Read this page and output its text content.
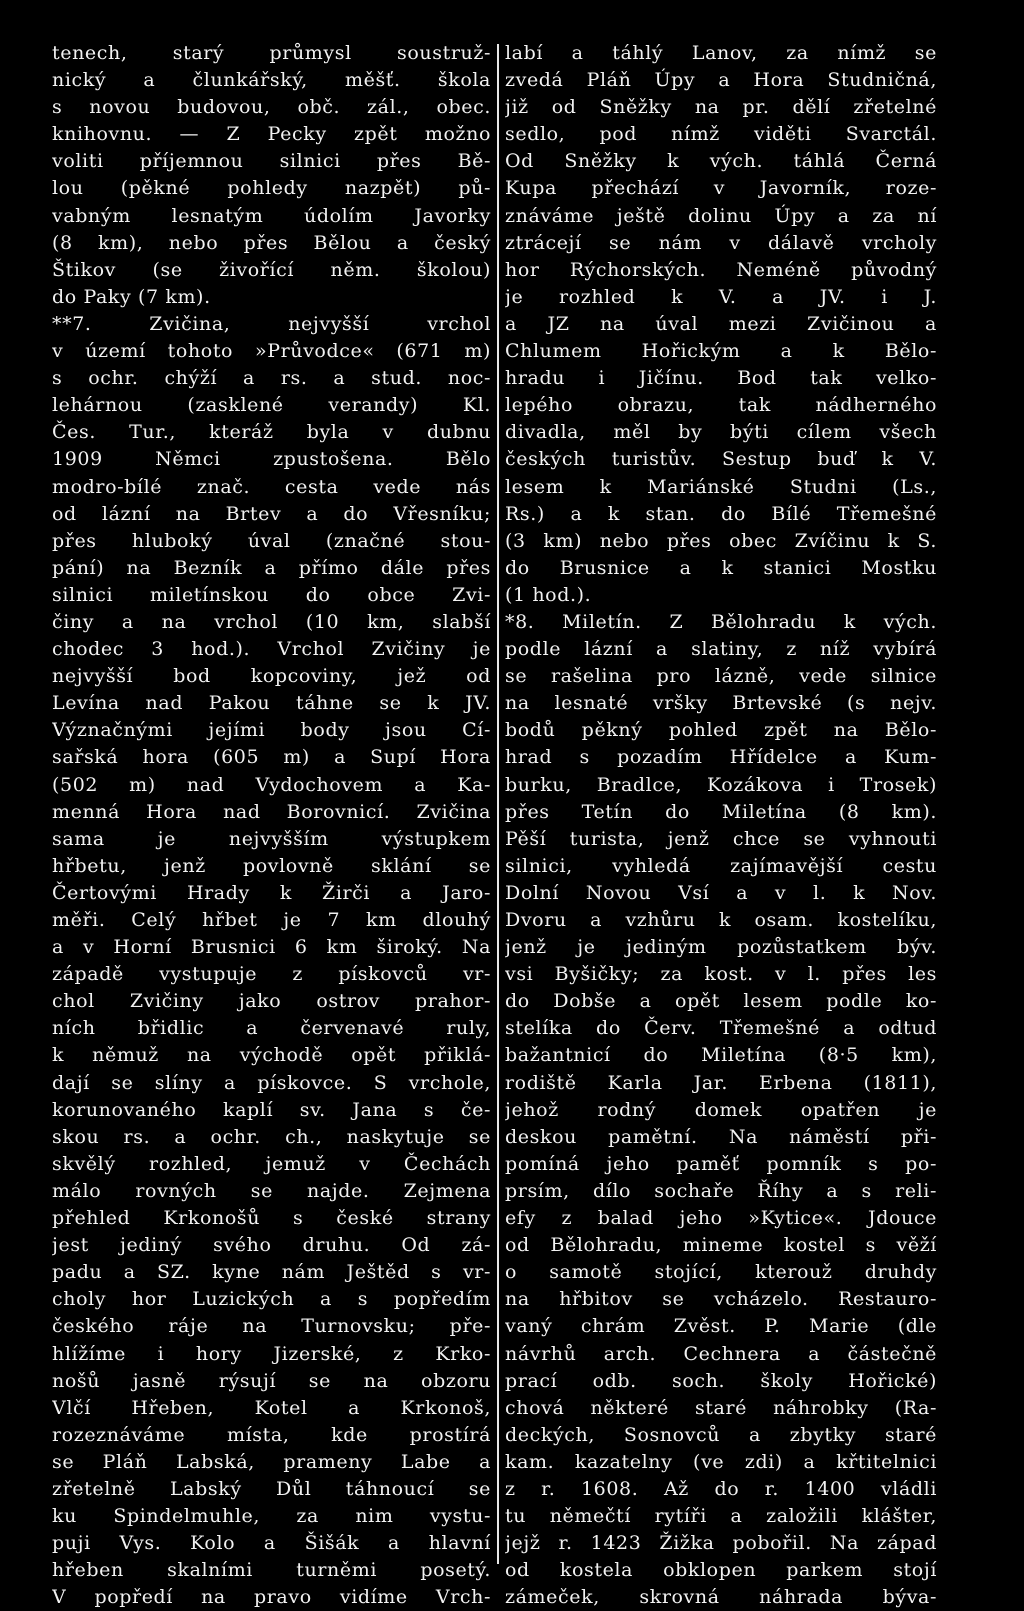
tenech, starý průmysl soustruž-
nický a člunkářský, měšť. škola
s novou budovou, obč. zál., obec.
knihovnu. — Z Pecky zpět možno
voliti příjemnou silnici přes Bě-
lou (pěkné pohledy nazpět) pů-
vabným lesnatým údolím Javorky
(8 km), nebo přes Bělou a český
Štikov (se živořící něm. školou)
do Paky (7 km).
**7. Zvičina, nejvyšší vrchol
v území tohoto »Průvodce« (671 m)
s ochr. chýží a rs. a stud. noc-
lehárnou (zasklené verandy) Kl.
Čes. Tur., kteráž byla v dubnu
1909 Němci zpustošena. Bělo
modro-bílé znač. cesta vede nás
od lázní na Brtev a do Vřesníku;
přes hluboký úval (značné stou-
pání) na Bezník a přímo dále přes
silnici miletínskou do obce Zvi-
činy a na vrchol (10 km, slabší
chodec 3 hod.). Vrchol Zvičiny je
nejvyšší bod kopcoviny, jež od
Levína nad Pakou táhne se k JV.
Význačnými jejími body jsou Cí-
sařská hora (605 m) a Supí Hora
(502 m) nad Vydochovem a Ka-
menná Hora nad Borovnicí. Zvičina
sama je nejvyšším výstupkem
hřbetu, jenž povlovně sklání se
Čertovými Hrady k Žirči a Jaro-
měři. Celý hřbet je 7 km dlouhý
a v Horní Brusnici 6 km široký. Na
západě vystupuje z pískovců vr-
chol Zvičiny jako ostrov prahor-
ních břidlic a červenavé ruly,
k němuž na východě opět přiklá-
dají se slíny a pískovce. S vrchole,
korunovaného kaplí sv. Jana s če-
skou rs. a ochr. ch., naskytuje se
skvělý rozhled, jemuž v Čechách
málo rovných se najde. Zejmena
přehled Krkonošů s české strany
jest jediný svého druhu. Od zá-
padu a SZ. kyne nám Ještěd s vr-
choly hor Luzických a s popředím
českého ráje na Turnovsku; pře-
hlížíme i hory Jizerské, z Krko-
nošů jasně rýsují se na obzoru
Vlčí Hřeben, Kotel a Krkonoš,
rozeznáváme místa, kde prostírá
se Pláň Labská, prameny Labe a
zřetelně Labský Důl táhnoucí se
ku Spindelmuhle, za nim vystu-
puji Vys. Kolo a Šišák a hlavní
hřeben skalními turněmi posetý.
V popředí na pravo vidíme Vrch-
labí a táhlý Lanov, za nímž se
zvedá Pláň Úpy a Hora Studničná,
již od Sněžky na pr. dělí zřetelné
sedlo, pod nímž viděti Svarctál.
Od Sněžky k vých. táhlá Černá
Kupa přechází v Javorník, roze-
znáváme ještě dolinu Úpy a za ní
ztrácejí se nám v dálavě vrcholy
hor Rýchorských. Neméně původný
je rozhled k V. a JV. i J.
a JZ na úval mezi Zvičinou a
Chlumem Hořickým a k Bělo-
hradu i Jičínu. Bod tak velko-
lepého obrazu, tak nádherného
divadla, měl by býti cílem všech
českých turistův. Sestup buď k V.
lesem k Mariánské Studni (Ls.,
Rs.) a k stan. do Bílé Třemešné
(3 km) nebo přes obec Zvíčinu k S.
do Brusnice a k stanici Mostku
(1 hod.).
*8. Miletín. Z Bělohradu k vých.
podle lázní a slatiny, z níž vybírá
se rašelina pro lázně, vede silnice
na lesnaté vršky Brtevské (s nejv.
bodů pěkný pohled zpět na Bělo-
hrad s pozadím Hřídelce a Kum-
burku, Bradlce, Kozákova i Trosek)
přes Tetín do Miletína (8 km).
Pěší turista, jenž chce se vyhnouti
silnici, vyhledá zajímavější cestu
Dolní Novou Vsí a v l. k Nov.
Dvoru a vzhůru k osam. kostelíku,
jenž je jediným pozůstatkem býv.
vsi Byšičky; za kost. v l. přes les
do Dobše a opět lesem podle ko-
stelíka do Červ. Třemešné a odtud
bažantnicí do Miletína (8·5 km),
rodiště Karla Jar. Erbena (1811),
jehož rodný domek opatřen je
deskou pamětní. Na náměstí při-
pomíná jeho paměť pomník s po-
prsím, dílo sochaře Říhy a s reli-
efy z balad jeho »Kytice«. Jdouce
od Bělohradu, mineme kostel s věží
o samotě stojící, kterouž druhdy
na hřbitov se vcházelo. Restauro-
vaný chrám Zvěst. P. Marie (dle
návrhů arch. Cechnera a částečně
prací odb. soch. školy Hořické)
chová některé staré náhrobky (Ra-
deckých, Sosnovců a zbytky staré
kam. kazatelny (ve zdi) a křtitelnici
z r. 1608. Až do r. 1400 vládli
tu němečtí rytíři a založili klášter,
jejž r. 1423 Žižka pobořil. Na západ
od kostela obklopen parkem stojí
zámeček, skrovná náhrada býva-
